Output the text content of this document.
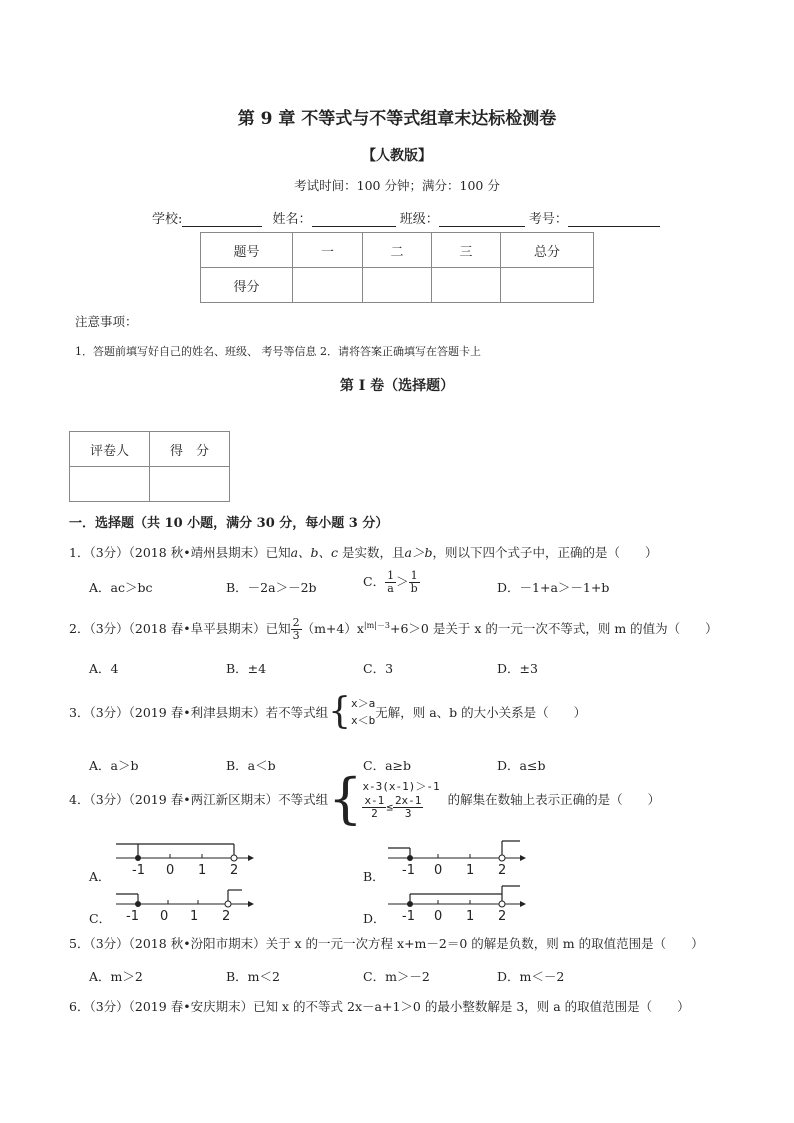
第 9 章 不等式与不等式组章末达标检测卷
【人教版】
考试时间：100 分钟；满分：100 分
学校:	姓名：	班级：	考号：
题号	一	二	三	总分
得分				
注意事项：
1．答题前填写好自己的姓名、班级、 考号等信息 2．请将答案正确填写在答题卡上
第 I 卷（选择题）
评卷人	得　分

一．选择题（共 10 小题，满分 30 分，每小题 3 分）
1．（3分）（2018 秋•靖州县期末）已知a、b、c 是实数，且a＞b，则以下四个式子中，正确的是（　　）
A．ac＞bc	B．－2a＞－2b	C． $\frac{1}{a} > \frac{1}{b}$	D．－1+a＞－1+b
2．（3分）（2018 春•阜平县期末）已知 $\frac{2}{3} (m+4)x^{|m|-3}+6>0$ 是关于 x 的一元一次不等式，则 m 的值为（　　）
A．4	B．±4	C．3	D．±3
3．（3分）（2019 春•利津县期末）若不等式组{ x＞a
x＜b
无解，则 a、b 的大小关系是（　　）
A．a＞b	B．a＜b	C．a≥b	D．a≤b
4．（3分）（2019 春•两江新区期末）不等式组{ x-3(x-1)＞-1
$\frac{x-1}{2} \le \frac{2x-1}{3}$ 的解集在数轴上表示正确的是（　　）
A．	B．
C．	D．
-1 0 1 2	-1 0 1 2
-1 0 1 2	-1 0 1 2
5．（3分）（2018 秋•汾阳市期末）关于 x 的一元一次方程 x+m－2＝0 的解是负数，则 m 的取值范围是（　　）
A．m＞2	B．m＜2	C．m＞－2	D．m＜－2
6．（3分）（2019 春•安庆期末）已知 x 的不等式 2x－a+1＞0 的最小整数解是 3，则 a 的取值范围是（　　）
